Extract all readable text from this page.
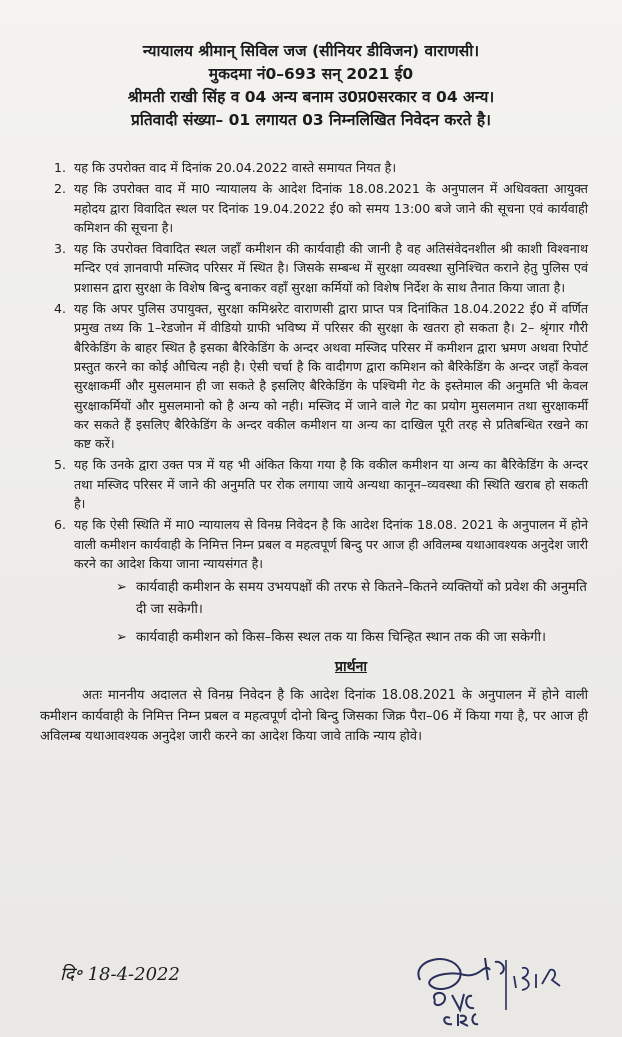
न्यायालय श्रीमान् सिविल जज (सीनियर डीविजन) वाराणसी।
मुकदमा नं0–693 सन् 2021 ई0
श्रीमती राखी सिंह व 04 अन्य बनाम उ0प्र0सरकार व 04 अन्य।
प्रतिवादी संख्या– 01 लगायत 03 निम्नलिखित निवेदन करते है।
1. यह कि उपरोक्त वाद में दिनांक 20.04.2022 वास्ते समायत नियत है।
2. यह कि उपरोक्त वाद में मा0 न्यायालय के आदेश दिनांक 18.08.2021 के अनुपालन में अधिवक्ता आयुक्त महोदय द्वारा विवादित स्थल पर दिनांक 19.04.2022 ई0 को समय 13:00 बजे जाने की सूचना एवं कार्यवाही कमिशन की सूचना है।
3. यह कि उपरोक्त विवादित स्थल जहाँ कमीशन की कार्यवाही की जानी है वह अतिसंवेदनशील श्री काशी विश्वनाथ मन्दिर एवं ज्ञानवापी मस्जिद परिसर में स्थित है। जिसके सम्बन्ध में सुरक्षा व्यवस्था सुनिश्चित कराने हेतु पुलिस एवं प्रशासन द्वारा सुरक्षा के विशेष बिन्दु बनाकर वहाँ सुरक्षा कर्मियों को विशेष निर्देश के साथ तैनात किया जाता है।
4. यह कि अपर पुलिस उपायुक्त, सुरक्षा कमिश्नरेट वाराणसी द्वारा प्राप्त पत्र दिनांकित 18.04.2022 ई0 में वर्णित प्रमुख तथ्य कि 1–रेडजोन में वीडियो ग्राफी भविष्य में परिसर की सुरक्षा के खतरा हो सकता है। 2– श्रृंगार गौरी बैरिकेडिंग के बाहर स्थित है इसका बैरिकेडिंग के अन्दर अथवा मस्जिद परिसर में कमीशन द्वारा भ्रमण अथवा रिपोर्ट प्रस्तुत करने का कोई औचित्य नही है। ऐसी चर्चा है कि वादीगण द्वारा कमिशन को बैरिकेडिंग के अन्दर जहाँ केवल सुरक्षाकर्मी और मुसलमान ही जा सकते है इसलिए बैरिकेडिंग के पश्चिमी गेट के इस्तेमाल की अनुमति भी केवल सुरक्षाकर्मियों और मुसलमानो को है अन्य को नही। मस्जिद में जाने वाले गेट का प्रयोग मुसलमान तथा सुरक्षाकर्मी कर सकते हैं इसलिए बैरिकेडिंग के अन्दर वकील कमीशन या अन्य का दाखिल पूरी तरह से प्रतिबन्धित रखने का कष्ट करें।
5. यह कि उनके द्वारा उक्त पत्र में यह भी अंकित किया गया है कि वकील कमीशन या अन्य का बैरिकेडिंग के अन्दर तथा मस्जिद परिसर में जाने की अनुमति पर रोक लगाया जाये अन्यथा कानून–व्यवस्था की स्थिति खराब हो सकती है।
6. यह कि ऐसी स्थिति में मा0 न्यायालय से विनम्र निवेदन है कि आदेश दिनांक 18.08. 2021 के अनुपालन में होने वाली कमीशन कार्यवाही के निमित्त निम्न प्रबल व महत्वपूर्ण बिन्दु पर आज ही अविलम्ब यथाआवश्यक अनुदेश जारी करने का आदेश किया जाना न्यायसंगत है।
➢ कार्यवाही कमीशन के समय उभयपक्षों की तरफ से कितने–कितने व्यक्तियों को प्रवेश की अनुमति दी जा सकेगी।
➢ कार्यवाही कमीशन को किस–किस स्थल तक या किस चिन्हित स्थान तक की जा सकेगी।
प्रार्थना
अतः माननीय अदालत से विनम्र निवेदन है कि आदेश दिनांक 18.08.2021 के अनुपालन में होने वाली कमीशन कार्यवाही के निमित्त निम्न प्रबल व महत्वपूर्ण दोनो बिन्दु जिसका जिक्र पैरा–06 में किया गया है, पर आज ही अविलम्ब यथाआवश्यक अनुदेश जारी करने का आदेश किया जावे ताकि न्याय होवे।
दि॰ 18-4-2022
